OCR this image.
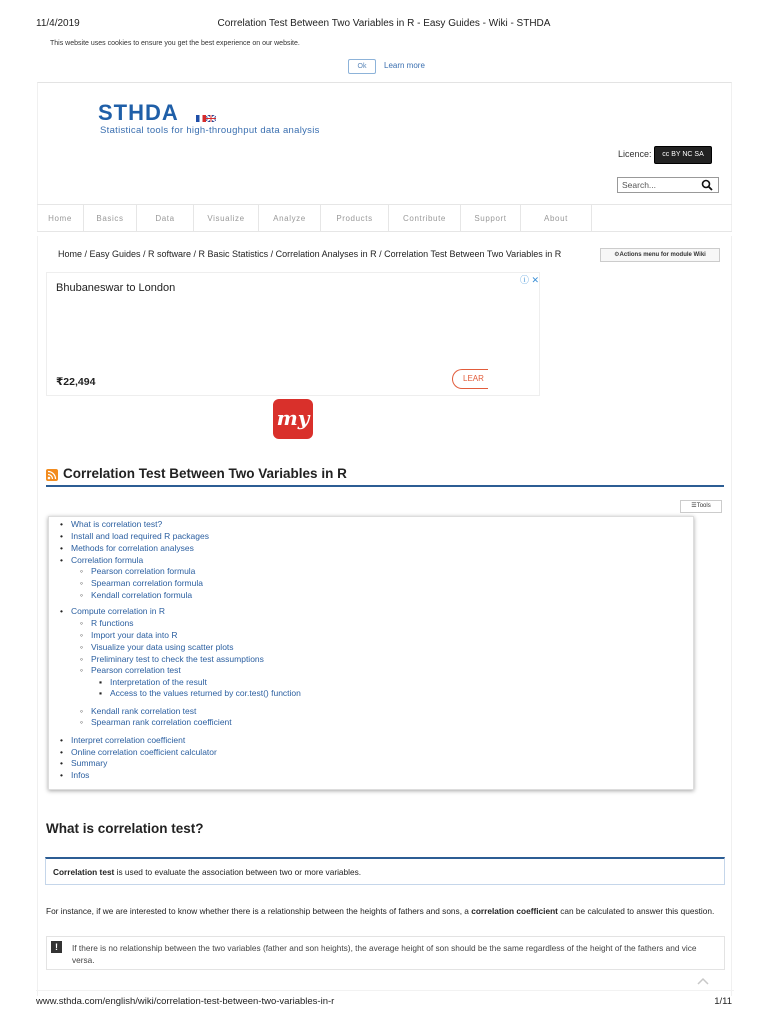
11/4/2019	Correlation Test Between Two Variables in R - Easy Guides - Wiki - STHDA
This website uses cookies to ensure you get the best experience on our website.
Ok	Learn more
STHDA
Statistical tools for high-throughput data analysis
Licence:	cc BY NC SA
Search...
Home	Basics	Data	Visualize	Analyze	Products	Contribute	Support	About
Home / Easy Guides / R software / R Basic Statistics / Correlation Analyses in R / Correlation Test Between Two Variables in R	⚙Actions menu for module Wiki
Bhubaneswar to London
ⓘ ✕
₹22,494	LEAR
my
Correlation Test Between Two Variables in R
☰Tools
• What is correlation test?
• Install and load required R packages
• Methods for correlation analyses
• Correlation formula
◦ Pearson correlation formula
◦ Spearman correlation formula
◦ Kendall correlation formula
• Compute correlation in R
◦ R functions
◦ Import your data into R
◦ Visualize your data using scatter plots
◦ Preliminary test to check the test assumptions
◦ Pearson correlation test
▪ Interpretation of the result
▪ Access to the values returned by cor.test() function
◦ Kendall rank correlation test
◦ Spearman rank correlation coefficient
• Interpret correlation coefficient
• Online correlation coefficient calculator
• Summary
• Infos
What is correlation test?
Correlation test is used to evaluate the association between two or more variables.
For instance, if we are interested to know whether there is a relationship between the heights of fathers and sons, a correlation coefficient can be calculated to answer this question.
!	If there is no relationship between the two variables (father and son heights), the average height of son should be the same regardless of the height of the fathers and vice versa.
www.sthda.com/english/wiki/correlation-test-between-two-variables-in-r	1/11
